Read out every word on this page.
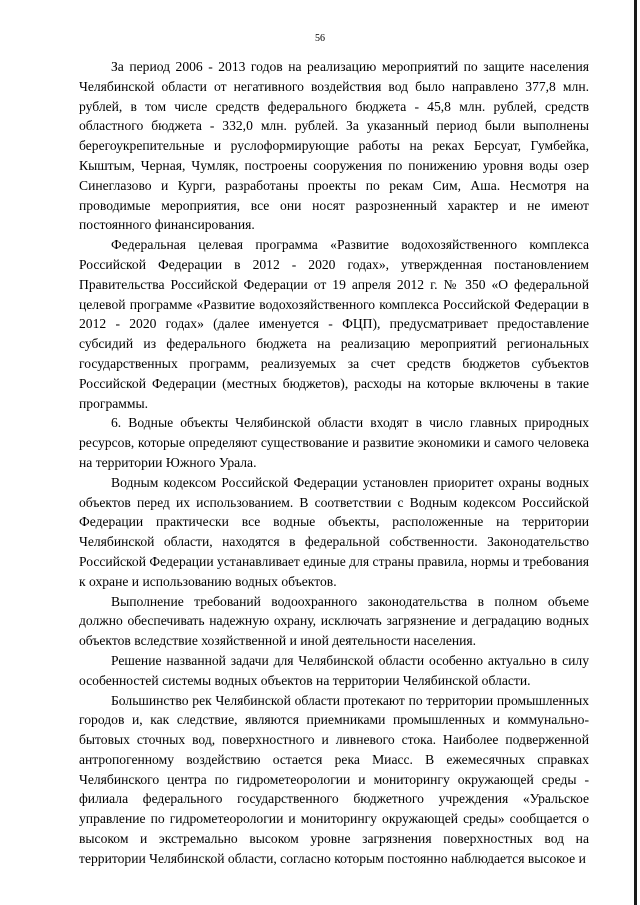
56

За период 2006 - 2013 годов на реализацию мероприятий по защите населения Челябинской области от негативного воздействия вод было направлено 377,8 млн. рублей, в том числе средств федерального бюджета - 45,8 млн. рублей, средств областного бюджета - 332,0 млн. рублей. За указанный период были выполнены берегоукрепительные и руслоформирующие работы на реках Берсуат, Гумбейка, Кыштым, Черная, Чумляк, построены сооружения по понижению уровня воды озер Синеглазово и Курги, разработаны проекты по рекам Сим, Аша. Несмотря на проводимые мероприятия, все они носят разрозненный характер и не имеют постоянного финансирования.

Федеральная целевая программа «Развитие водохозяйственного комплекса Российской Федерации в 2012 - 2020 годах», утвержденная постановлением Правительства Российской Федерации от 19 апреля 2012 г. № 350 «О федеральной целевой программе «Развитие водохозяйственного комплекса Российской Федерации в 2012 - 2020 годах» (далее именуется - ФЦП), предусматривает предоставление субсидий из федерального бюджета на реализацию мероприятий региональных государственных программ, реализуемых за счет средств бюджетов субъектов Российской Федерации (местных бюджетов), расходы на которые включены в такие программы.

6. Водные объекты Челябинской области входят в число главных природных ресурсов, которые определяют существование и развитие экономики и самого человека на территории Южного Урала.

Водным кодексом Российской Федерации установлен приоритет охраны водных объектов перед их использованием. В соответствии с Водным кодексом Российской Федерации практически все водные объекты, расположенные на территории Челябинской области, находятся в федеральной собственности. Законодательство Российской Федерации устанавливает единые для страны правила, нормы и требования к охране и использованию водных объектов.

Выполнение требований водоохранного законодательства в полном объеме должно обеспечивать надежную охрану, исключать загрязнение и деградацию водных объектов вследствие хозяйственной и иной деятельности населения.

Решение названной задачи для Челябинской области особенно актуально в силу особенностей системы водных объектов на территории Челябинской области.

Большинство рек Челябинской области протекают по территории промышленных городов и, как следствие, являются приемниками промышленных и коммунально-бытовых сточных вод, поверхностного и ливневого стока. Наиболее подверженной антропогенному воздействию остается река Миасс. В ежемесячных справках Челябинского центра по гидрометеорологии и мониторингу окружающей среды - филиала федерального государственного бюджетного учреждения «Уральское управление по гидрометеорологии и мониторингу окружающей среды» сообщается о высоком и экстремально высоком уровне загрязнения поверхностных вод на территории Челябинской области, согласно которым постоянно наблюдается высокое и
